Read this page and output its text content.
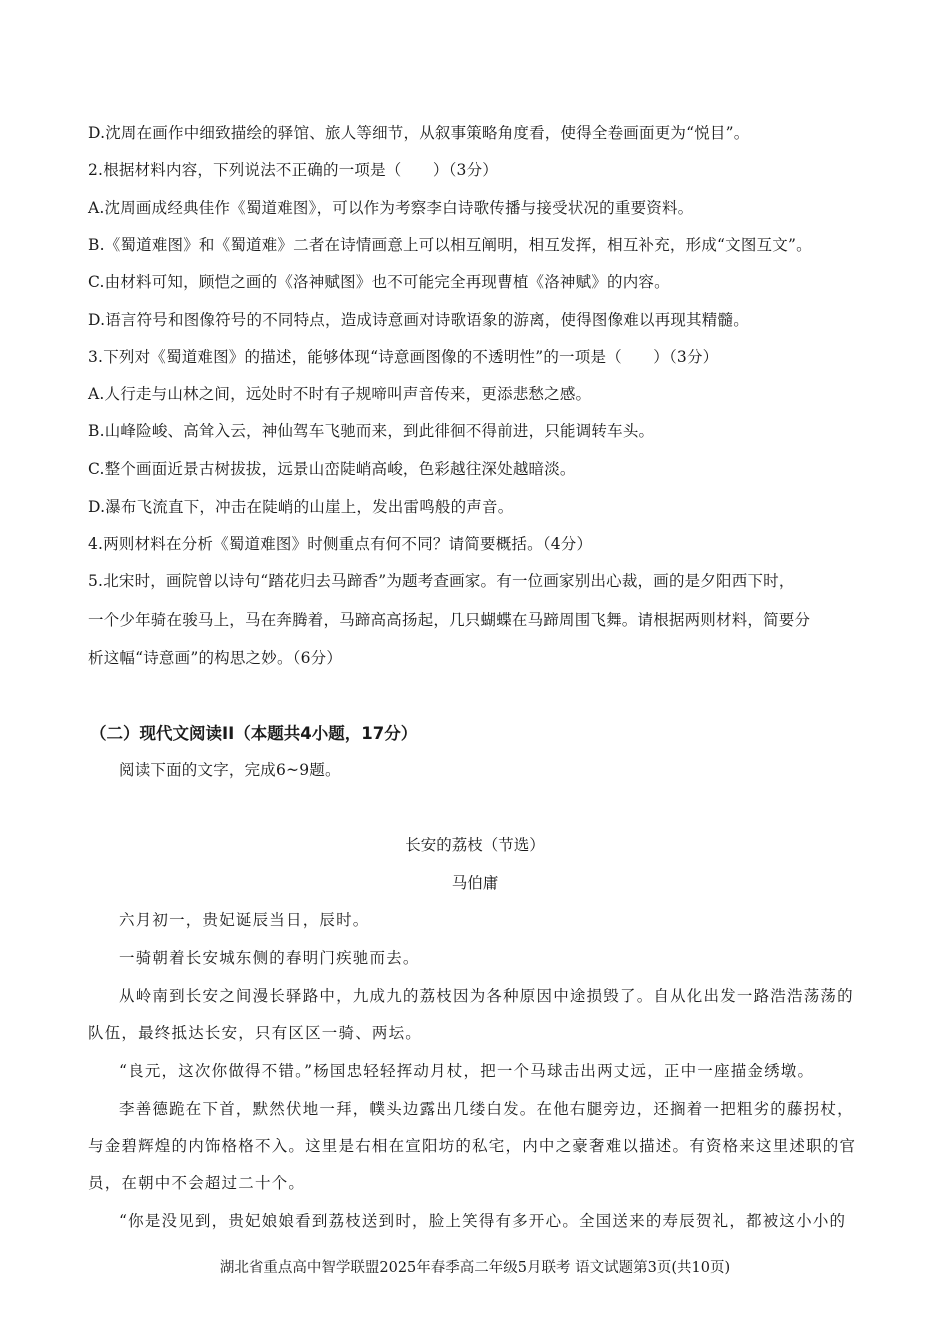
D.沈周在画作中细致描绘的驿馆、旅人等细节，从叙事策略角度看，使得全卷画面更为“悦目”。
2.根据材料内容，下列说法不正确的一项是（　　）（3分）
A.沈周画成经典佳作《蜀道难图》，可以作为考察李白诗歌传播与接受状况的重要资料。
B.《蜀道难图》和《蜀道难》二者在诗情画意上可以相互阐明，相互发挥，相互补充，形成“文图互文”。
C.由材料可知，顾恺之画的《洛神赋图》也不可能完全再现曹植《洛神赋》的内容。
D.语言符号和图像符号的不同特点，造成诗意画对诗歌语象的游离，使得图像难以再现其精髓。
3.下列对《蜀道难图》的描述，能够体现“诗意画图像的不透明性”的一项是（　　）（3分）
A.人行走与山林之间，远处时不时有子规啼叫声音传来，更添悲愁之感。
B.山峰险峻、高耸入云，神仙驾车飞驰而来，到此徘徊不得前进，只能调转车头。
C.整个画面近景古树拔拔，远景山峦陡峭高峻，色彩越往深处越暗淡。
D.瀑布飞流直下，冲击在陡峭的山崖上，发出雷鸣般的声音。
4.两则材料在分析《蜀道难图》时侧重点有何不同？请简要概括。（4分）
5.北宋时，画院曾以诗句“踏花归去马蹄香”为题考查画家。有一位画家别出心裁，画的是夕阳西下时，
一个少年骑在骏马上，马在奔腾着，马蹄高高扬起，几只蝴蝶在马蹄周围飞舞。请根据两则材料，简要分
析这幅“诗意画”的构思之妙。（6分）
（二）现代文阅读II（本题共4小题，17分）
阅读下面的文字，完成6~9题。
长安的荔枝（节选）
马伯庸
六月初一，贵妃诞辰当日，辰时。
一骑朝着长安城东侧的春明门疾驰而去。
从岭南到长安之间漫长驿路中，九成九的荔枝因为各种原因中途损毁了。自从化出发一路浩浩荡荡的
队伍，最终抵达长安，只有区区一骑、两坛。
“良元，这次你做得不错。”杨国忠轻轻挥动月杖，把一个马球击出两丈远，正中一座描金绣墩。
李善德跪在下首，默然伏地一拜，幞头边露出几缕白发。在他右腿旁边，还搁着一把粗劣的藤拐杖，
与金碧辉煌的内饰格格不入。这里是右相在宣阳坊的私宅，内中之豪奢难以描述。有资格来这里述职的官
员，在朝中不会超过二十个。
“你是没见到，贵妃娘娘看到荔枝送到时，脸上笑得有多开心。全国送来的寿辰贺礼，都被这小小的
湖北省重点高中智学联盟2025年春季高二年级5月联考 语文试题第3页(共10页)
